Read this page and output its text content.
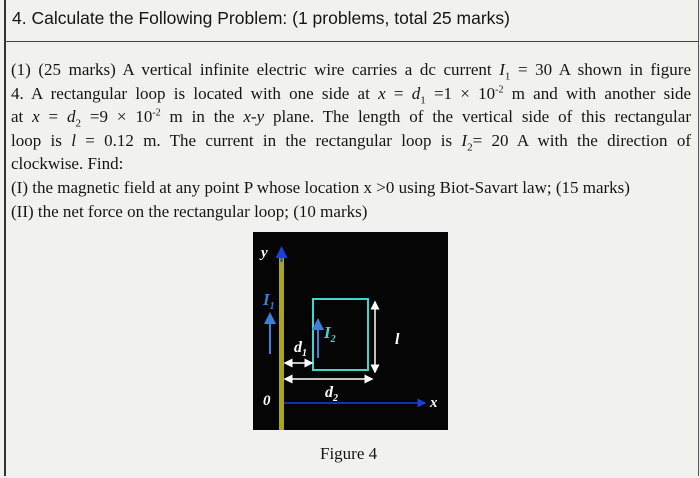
4. Calculate the Following Problem: (1 problems, total 25 marks)
(1) (25 marks) A vertical infinite electric wire carries a dc current $I_1 = 30$ A shown in figure
4. A rectangular loop is located with one side at $x = d_1 =1 \times 10^{-2}$ m and with another side
at $x = d_2 =9 \times 10^{-2}$ m in the x-y plane. The length of the vertical side of this rectangular
loop is l = 0.12 m. The current in the rectangular loop is $I_2= 20$ A with the direction of
clockwise. Find:
(I) the magnetic field at any point P whose location x >0 using Biot-Savart law; (15 marks)
(II) the net force on the rectangular loop; (10 marks)
y
x
0
$I_1$
$I_2$
$d_1$
$d_2$
l
Figure 4
